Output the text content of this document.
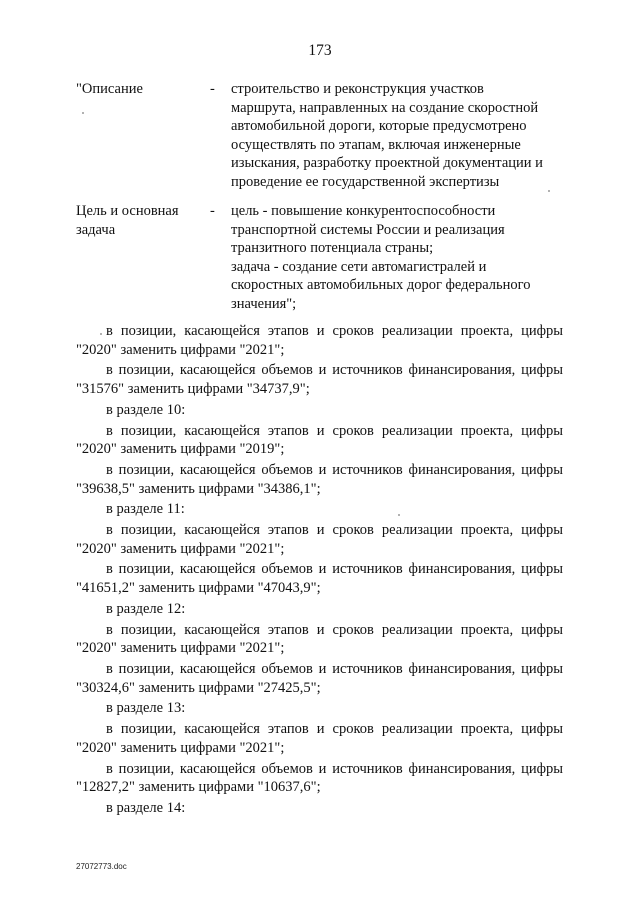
173
"Описание	- строительство и реконструкция участков
маршрута, направленных на создание скоростной
автомобильной дороги, которые предусмотрено
осуществлять по этапам, включая инженерные
изыскания, разработку проектной документации и
проведение ее государственной экспертизы
Цель и основная
задача
- цель - повышение конкурентоспособности
транспортной системы России и реализация
транзитного потенциала страны;
задача - создание сети автомагистралей и
скоростных автомобильных дорог федерального
значения";

в позиции, касающейся этапов и сроков реализации проекта, цифры "2020" заменить цифрами "2021";

в позиции, касающейся объемов и источников финансирования, цифры "31576" заменить цифрами "34737,9";

в разделе 10:

в позиции, касающейся этапов и сроков реализации проекта, цифры "2020" заменить цифрами "2019";

в позиции, касающейся объемов и источников финансирования, цифры "39638,5" заменить цифрами "34386,1";

в разделе 11:

в позиции, касающейся этапов и сроков реализации проекта, цифры "2020" заменить цифрами "2021";

в позиции, касающейся объемов и источников финансирования, цифры "41651,2" заменить цифрами "47043,9";

в разделе 12:

в позиции, касающейся этапов и сроков реализации проекта, цифры "2020" заменить цифрами "2021";

в позиции, касающейся объемов и источников финансирования, цифры "30324,6" заменить цифрами "27425,5";

в разделе 13:

в позиции, касающейся этапов и сроков реализации проекта, цифры "2020" заменить цифрами "2021";

в позиции, касающейся объемов и источников финансирования, цифры "12827,2" заменить цифрами "10637,6";

в разделе 14:

27072773.doc
